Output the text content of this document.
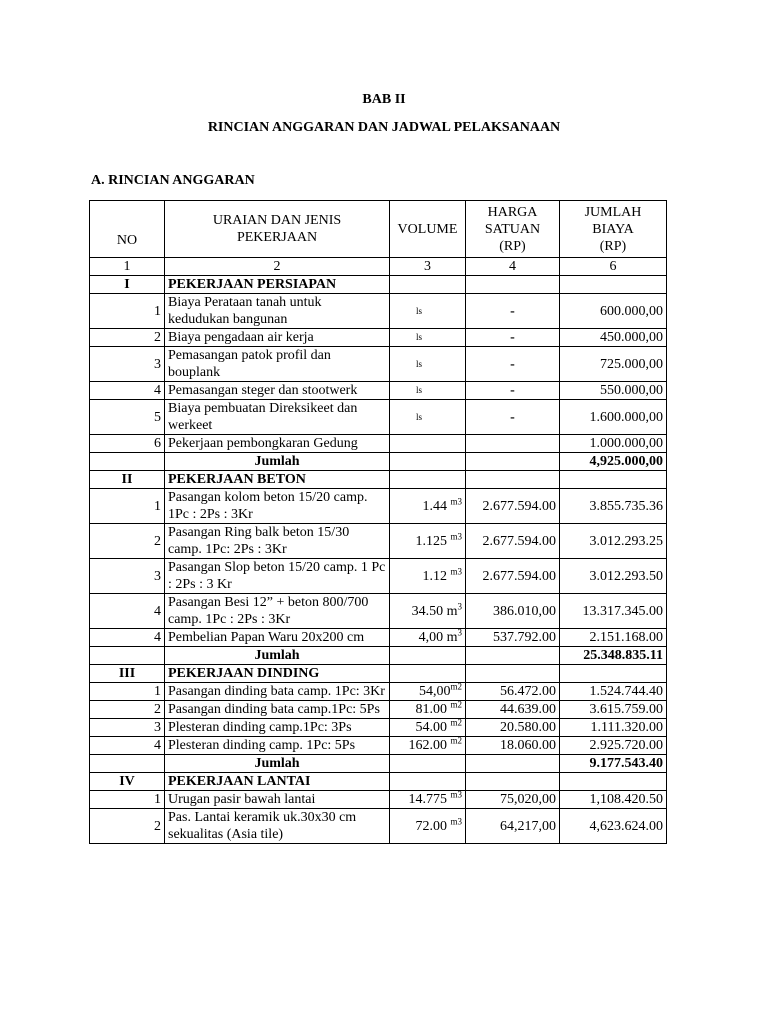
BAB II
RINCIAN ANGGARAN DAN JADWAL PELAKSANAAN
A. RINCIAN ANGGARAN
NO	URAIAN DAN JENIS PEKERJAAN	VOLUME	HARGA SATUAN (RP)	JUMLAH BIAYA (RP)
1	2	3	4	6
I	PEKERJAAN PERSIAPAN			
1	Biaya Perataan tanah untuk kedudukan bangunan	ls	-	600.000,00
2	Biaya pengadaan air kerja	ls	-	450.000,00
3	Pemasangan patok profil dan bouplank	ls	-	725.000,00
4	Pemasangan steger dan stootwerk	ls	-	550.000,00
5	Biaya pembuatan Direksikeet dan werkeet	ls	-	1.600.000,00
6	Pekerjaan pembongkaran Gedung			1.000.000,00
	Jumlah			4,925.000,00
II	PEKERJAAN BETON			
1	Pasangan kolom beton 15/20 camp. 1Pc : 2Ps : 3Kr	1.44 $^{m3}$	2.677.594.00	3.855.735.36
2	Pasangan Ring balk beton 15/30 camp. 1Pc: 2Ps : 3Kr	1.125 $^{m3}$	2.677.594.00	3.012.293.25
3	Pasangan Slop beton 15/20 camp. 1 Pc : 2Ps : 3 Kr	1.12 $^{m3}$	2.677.594.00	3.012.293.50
4	Pasangan Besi 12” + beton 800/700 camp. 1Pc : 2Ps : 3Kr	34.50 $m^3$	386.010,00	13.317.345.00
4	Pembelian Papan Waru 20x200 cm	4,00 $m^3$	537.792.00	2.151.168.00
	Jumlah			25.348.835.11
III	PEKERJAAN DINDING			
1	Pasangan dinding bata camp. 1Pc: 3Kr	$54,00^{m2}$	56.472.00	1.524.744.40
2	Pasangan dinding bata camp.1Pc: 5Ps	81.00 $^{m2}$	44.639.00	3.615.759.00
3	Plesteran dinding camp.1Pc: 3Ps	54.00 $^{m2}$	20.580.00	1.111.320.00
4	Plesteran dinding camp. 1Pc: 5Ps	162.00 $^{m2}$	18.060.00	2.925.720.00
	Jumlah			9.177.543.40
IV	PEKERJAAN LANTAI			
1	Urugan pasir bawah lantai	14.775 $^{m3}$	75,020,00	1,108.420.50
2	Pas. Lantai keramik uk.30x30 cm sekualitas (Asia tile)	72.00 $^{m3}$	64,217,00	4,623.624.00
